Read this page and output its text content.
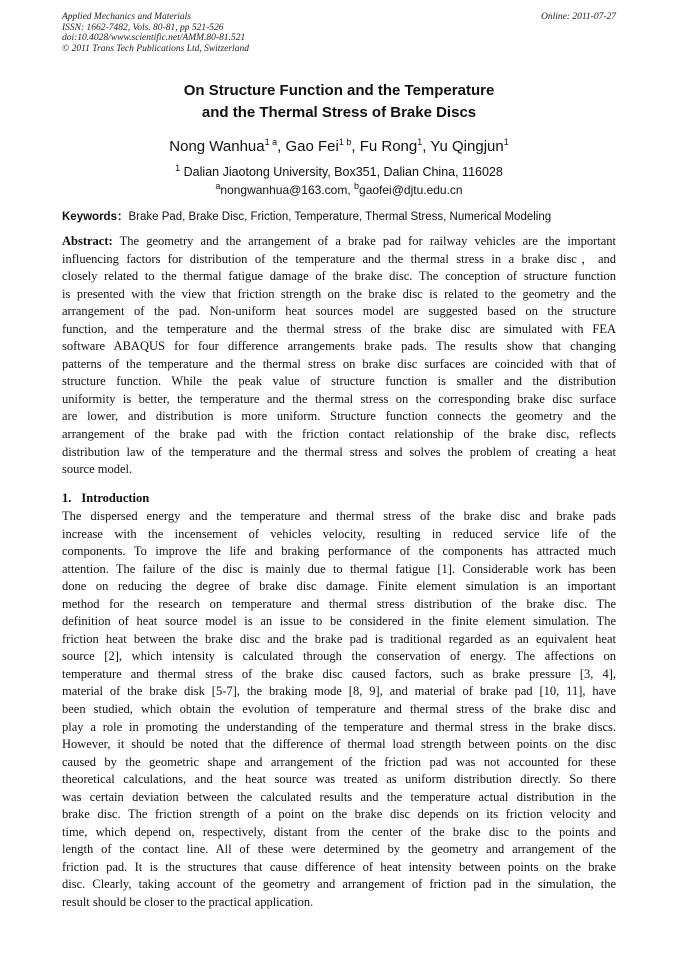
Applied Mechanics and Materials
ISSN: 1662-7482, Vols. 80-81, pp 521-526
doi:10.4028/www.scientific.net/AMM.80-81.521
© 2011 Trans Tech Publications Ltd, Switzerland
Online: 2011-07-27
On Structure Function and the Temperature
and the Thermal Stress of Brake Discs
Nong Wanhua$^{1 a}$, Gao Fei$^{1 b}$, Fu Rong$^1$, Yu Qingjun$^1$
$^1$ Dalian Jiaotong University, Box351, Dalian China, 116028
$^a$nongwanhua@163.com, $^b$gaofei@djtu.edu.cn
Keywords：Brake Pad, Brake Disc, Friction, Temperature, Thermal Stress, Numerical Modeling
Abstract: The geometry and the arrangement of a brake pad for railway vehicles are the important
influencing factors for distribution of the temperature and the thermal stress in a brake disc，and
closely related to the thermal fatigue damage of the brake disc. The conception of structure function
is presented with the view that friction strength on the brake disc is related to the geometry and the
arrangement of the pad. Non-uniform heat sources model are suggested based on the structure
function, and the temperature and the thermal stress of the brake disc are simulated with FEA
software ABAQUS for four difference arrangements brake pads. The results show that changing
patterns of the temperature and the thermal stress on brake disc surfaces are coincided with that of
structure function. While the peak value of structure function is smaller and the distribution
uniformity is better, the temperature and the thermal stress on the corresponding brake disc surface
are lower, and distribution is more uniform. Structure function connects the geometry and the
arrangement of the brake pad with the friction contact relationship of the brake disc, reflects
distribution law of the temperature and the thermal stress and solves the problem of creating a heat
source model.
1. Introduction
The dispersed energy and the temperature and thermal stress of the brake disc and brake pads
increase with the incensement of vehicles velocity, resulting in reduced service life of the
components. To improve the life and braking performance of the components has attracted much
attention. The failure of the disc is mainly due to thermal fatigue [1]. Considerable work has been
done on reducing the degree of brake disc damage. Finite element simulation is an important
method for the research on temperature and thermal stress distribution of the brake disc. The
definition of heat source model is an issue to be considered in the finite element simulation. The
friction heat between the brake disc and the brake pad is traditional regarded as an equivalent heat
source [2], which intensity is calculated through the conservation of energy. The affections on
temperature and thermal stress of the brake disc caused factors, such as brake pressure [3, 4],
material of the brake disk [5-7], the braking mode [8, 9], and material of brake pad [10, 11], have
been studied, which obtain the evolution of temperature and thermal stress of the brake disc and
play a role in promoting the understanding of the temperature and thermal stress in the brake discs.
However, it should be noted that the difference of thermal load strength between points on the disc
caused by the geometric shape and arrangement of the friction pad was not accounted for these
theoretical calculations, and the heat source was treated as uniform distribution directly. So there
was certain deviation between the calculated results and the temperature actual distribution in the
brake disc. The friction strength of a point on the brake disc depends on its friction velocity and
time, which depend on, respectively, distant from the center of the brake disc to the points and
length of the contact line. All of these were determined by the geometry and arrangement of the
friction pad. It is the structures that cause difference of heat intensity between points on the brake
disc. Clearly, taking account of the geometry and arrangement of friction pad in the simulation, the
result should be closer to the practical application.
